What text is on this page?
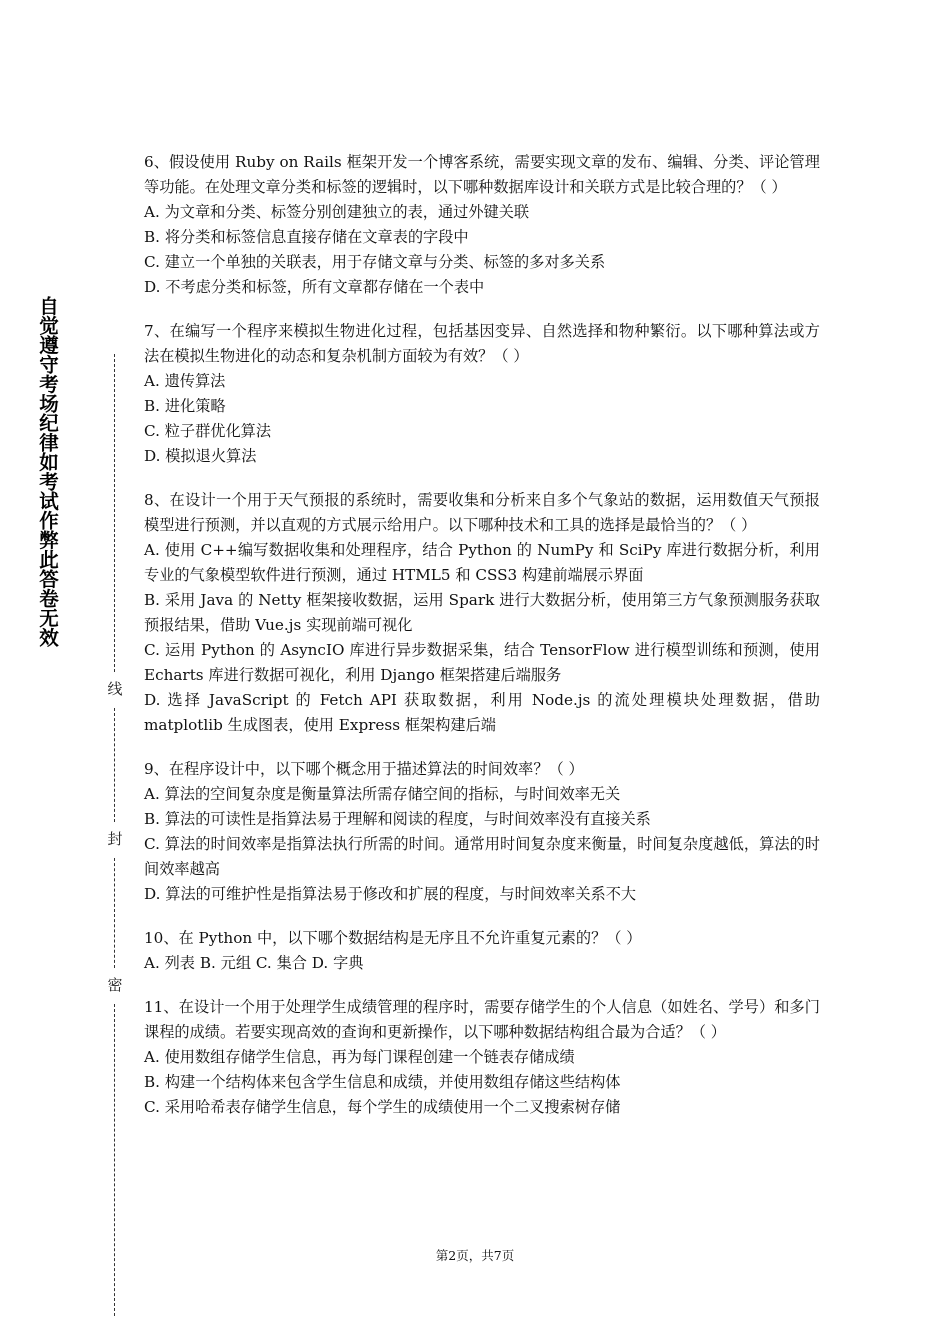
自觉遵守考场纪律如考试作弊此答卷无效
线
封
密

6、假设使用 Ruby on Rails 框架开发一个博客系统，需要实现文章的发布、编辑、分类、评论管理等功能。在处理文章分类和标签的逻辑时，以下哪种数据库设计和关联方式是比较合理的？（ ）

A. 为文章和分类、标签分别创建独立的表，通过外键关联

B. 将分类和标签信息直接存储在文章表的字段中

C. 建立一个单独的关联表，用于存储文章与分类、标签的多对多关系

D. 不考虑分类和标签，所有文章都存储在一个表中

7、在编写一个程序来模拟生物进化过程，包括基因变异、自然选择和物种繁衍。以下哪种算法或方法在模拟生物进化的动态和复杂机制方面较为有效？（ ）

A. 遗传算法

B. 进化策略

C. 粒子群优化算法

D. 模拟退火算法

8、在设计一个用于天气预报的系统时，需要收集和分析来自多个气象站的数据，运用数值天气预报模型进行预测，并以直观的方式展示给用户。以下哪种技术和工具的选择是最恰当的？（ ）

A. 使用 C++编写数据收集和处理程序，结合 Python 的 NumPy 和 SciPy 库进行数据分析，利用专业的气象模型软件进行预测，通过 HTML5 和 CSS3 构建前端展示界面

B. 采用 Java 的 Netty 框架接收数据，运用 Spark 进行大数据分析，使用第三方气象预测服务获取预报结果，借助 Vue.js 实现前端可视化

C. 运用 Python 的 AsyncIO 库进行异步数据采集，结合 TensorFlow 进行模型训练和预测，使用 Echarts 库进行数据可视化，利用 Django 框架搭建后端服务

D. 选择 JavaScript 的 Fetch API 获取数据，利用 Node.js 的流处理模块处理数据，借助 matplotlib 生成图表，使用 Express 框架构建后端

9、在程序设计中，以下哪个概念用于描述算法的时间效率？（ ）

A. 算法的空间复杂度是衡量算法所需存储空间的指标，与时间效率无关

B. 算法的可读性是指算法易于理解和阅读的程度，与时间效率没有直接关系

C. 算法的时间效率是指算法执行所需的时间。通常用时间复杂度来衡量，时间复杂度越低，算法的时间效率越高

D. 算法的可维护性是指算法易于修改和扩展的程度，与时间效率关系不大

10、在 Python 中，以下哪个数据结构是无序且不允许重复元素的？（ ）

A. 列表 B. 元组 C. 集合 D. 字典

11、在设计一个用于处理学生成绩管理的程序时，需要存储学生的个人信息（如姓名、学号）和多门课程的成绩。若要实现高效的查询和更新操作，以下哪种数据结构组合最为合适？（ ）

A. 使用数组存储学生信息，再为每门课程创建一个链表存储成绩

B. 构建一个结构体来包含学生信息和成绩，并使用数组存储这些结构体

C. 采用哈希表存储学生信息，每个学生的成绩使用一个二叉搜索树存储

第2页，共7页
